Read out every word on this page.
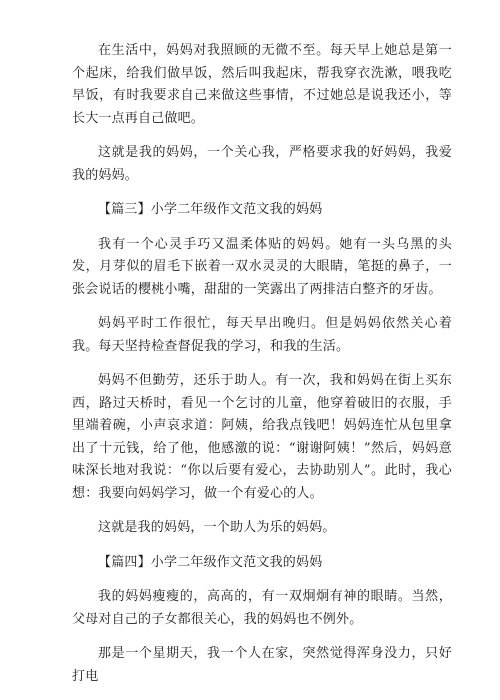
在生活中，妈妈对我照顾的无微不至。每天早上她总是第一个起床，给我们做早饭，然后叫我起床，帮我穿衣洗漱，喂我吃早饭，有时我要求自己来做这些事情，不过她总是说我还小，等长大一点再自己做吧。

这就是我的妈妈，一个关心我，严格要求我的好妈妈，我爱我的妈妈。

【篇三】小学二年级作文范文我的妈妈

我有一个心灵手巧又温柔体贴的妈妈。她有一头乌黑的头发，月芽似的眉毛下嵌着一双水灵灵的大眼睛，笔挺的鼻子，一张会说话的樱桃小嘴，甜甜的一笑露出了两排洁白整齐的牙齿。

妈妈平时工作很忙，每天早出晚归。但是妈妈依然关心着我。每天坚持检查督促我的学习，和我的生活。

妈妈不但勤劳，还乐于助人。有一次，我和妈妈在街上买东西，路过天桥时，看见一个乞讨的儿童，他穿着破旧的衣服，手里端着碗，小声哀求道：阿姨，给我点钱吧！妈妈连忙从包里拿出了十元钱，给了他，他感激的说：“谢谢阿姨！”然后，妈妈意味深长地对我说：“你以后要有爱心，去协助别人”。此时，我心想：我要向妈妈学习，做一个有爱心的人。

这就是我的妈妈，一个助人为乐的妈妈。

【篇四】小学二年级作文范文我的妈妈

我的妈妈瘦瘦的，高高的，有一双炯炯有神的眼睛。当然，父母对自己的子女都很关心，我的妈妈也不例外。

那是一个星期天，我一个人在家，突然觉得浑身没力，只好打电
